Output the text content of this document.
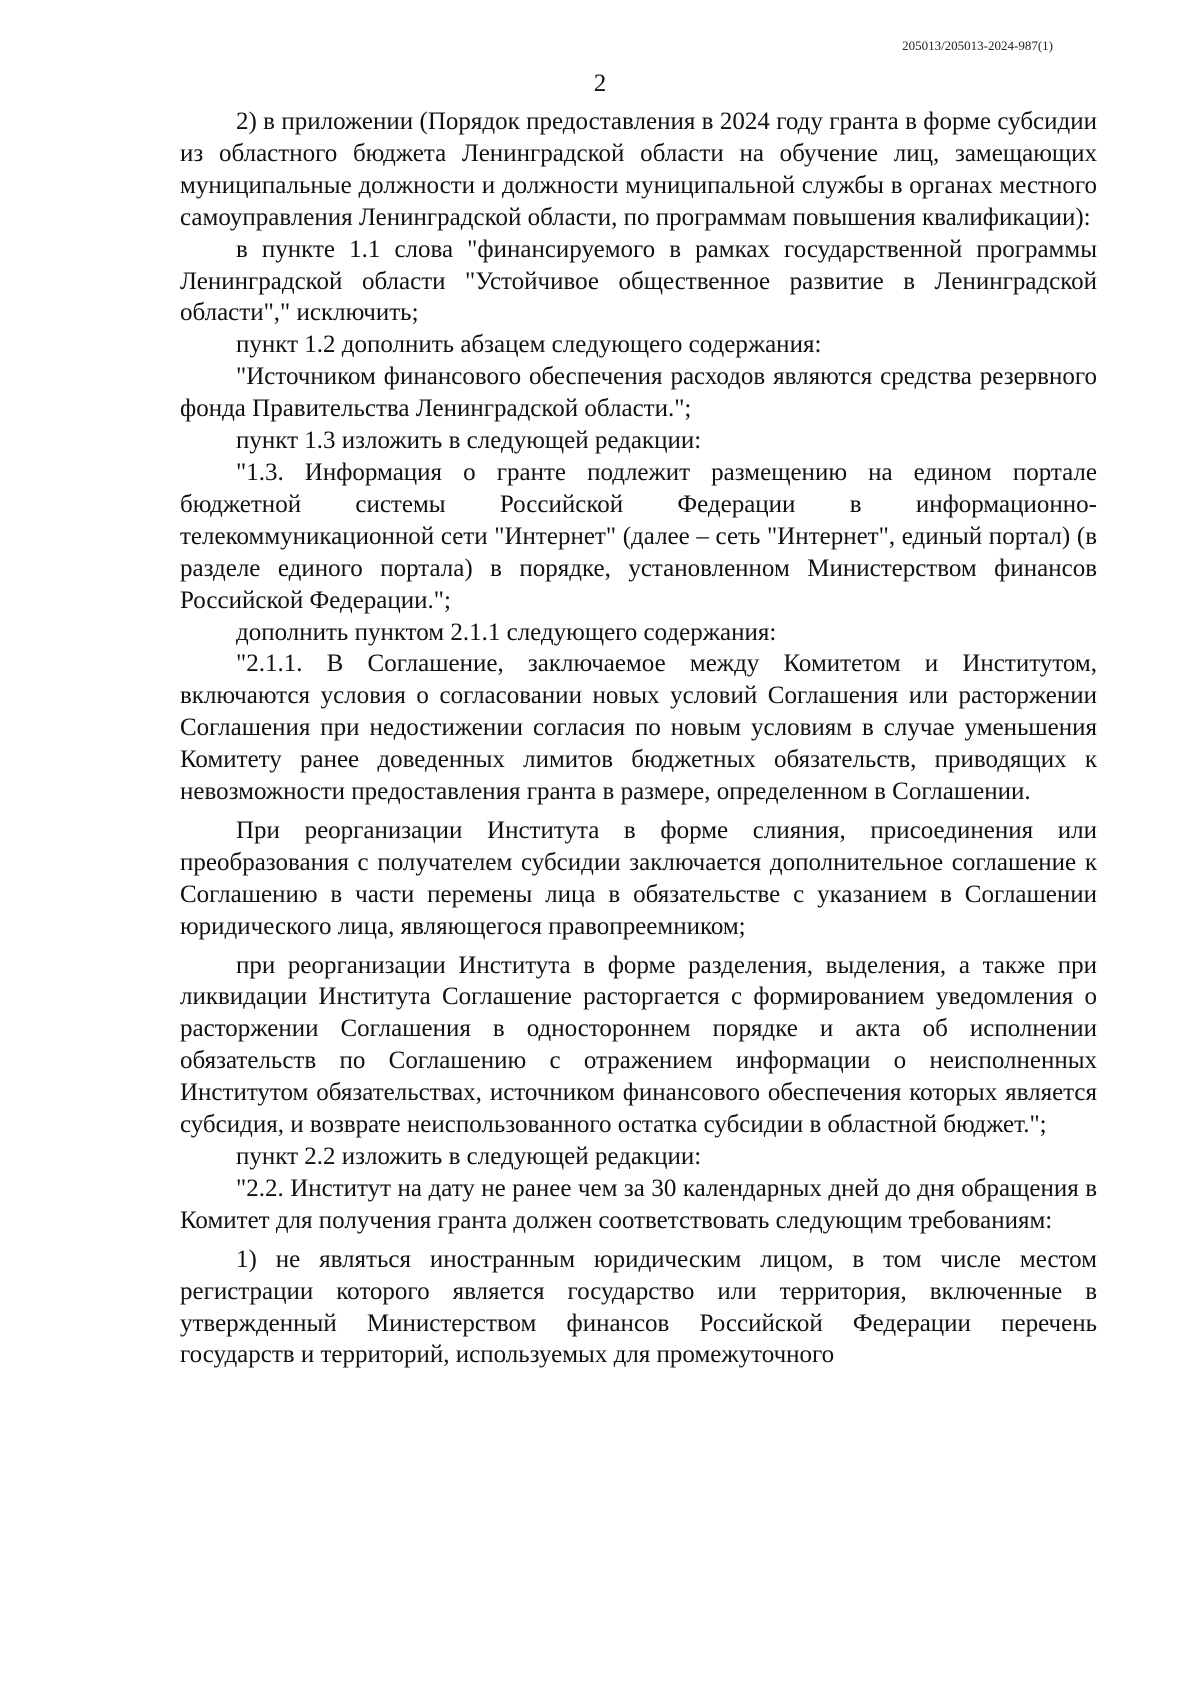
205013/205013-2024-987(1)
2

2) в приложении (Порядок предоставления в 2024 году гранта в форме субсидии из областного бюджета Ленинградской области на обучение лиц, замещающих муниципальные должности и должности муниципальной службы в органах местного самоуправления Ленинградской области, по программам повышения квалификации):

в пункте 1.1 слова "финансируемого в рамках государственной программы Ленинградской области "Устойчивое общественное развитие в Ленинградской области"," исключить;

пункт 1.2 дополнить абзацем следующего содержания:

"Источником финансового обеспечения расходов являются средства резервного фонда Правительства Ленинградской области.";

пункт 1.3 изложить в следующей редакции:

"1.3. Информация о гранте подлежит размещению на едином портале бюджетной системы Российской Федерации в информационно-телекоммуникационной сети "Интернет" (далее – сеть "Интернет", единый портал) (в разделе единого портала) в порядке, установленном Министерством финансов Российской Федерации.";

дополнить пунктом 2.1.1 следующего содержания:

"2.1.1. В Соглашение, заключаемое между Комитетом и Институтом, включаются условия о согласовании новых условий Соглашения или расторжении Соглашения при недостижении согласия по новым условиям в случае уменьшения Комитету ранее доведенных лимитов бюджетных обязательств, приводящих к невозможности предоставления гранта в размере, определенном в Соглашении.

При реорганизации Института в форме слияния, присоединения или преобразования с получателем субсидии заключается дополнительное соглашение к Соглашению в части перемены лица в обязательстве с указанием в Соглашении юридического лица, являющегося правопреемником;

при реорганизации Института в форме разделения, выделения, а также при ликвидации Института Соглашение расторгается с формированием уведомления о расторжении Соглашения в одностороннем порядке и акта об исполнении обязательств по Соглашению с отражением информации о неисполненных Институтом обязательствах, источником финансового обеспечения которых является субсидия, и возврате неиспользованного остатка субсидии в областной бюджет.";

пункт 2.2 изложить в следующей редакции:

"2.2. Институт на дату не ранее чем за 30 календарных дней до дня обращения в Комитет для получения гранта должен соответствовать следующим требованиям:

1) не являться иностранным юридическим лицом, в том числе местом регистрации которого является государство или территория, включенные в утвержденный Министерством финансов Российской Федерации перечень государств и территорий, используемых для промежуточного
